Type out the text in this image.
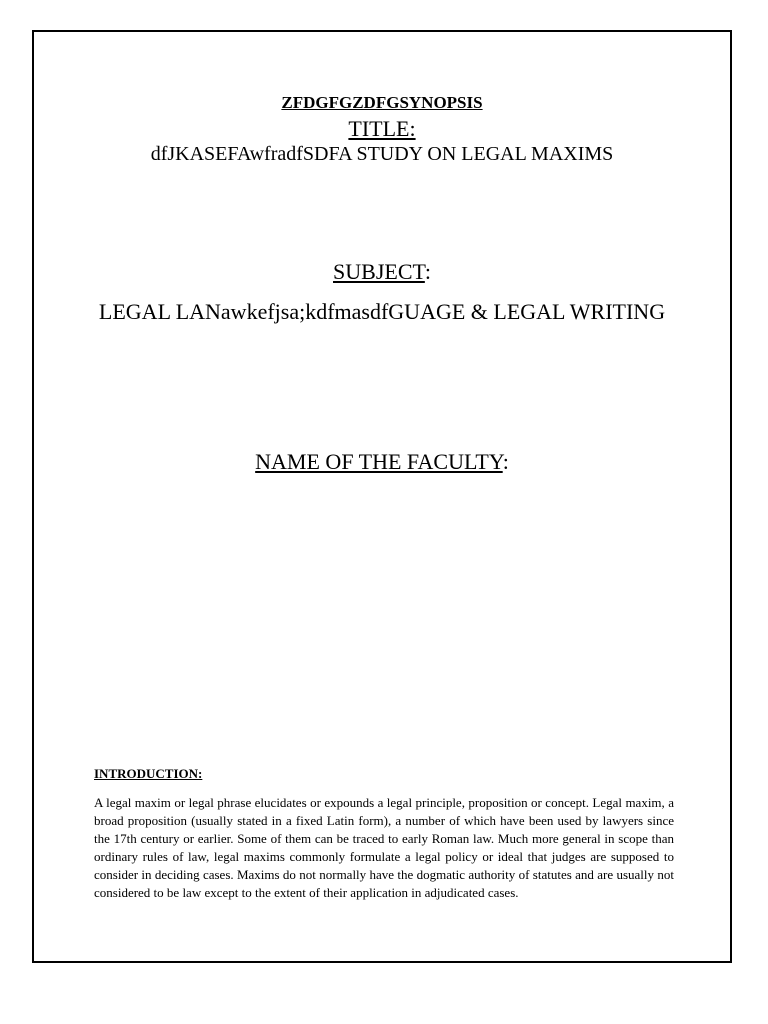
ZFDGFGZDFGSYNOPSIS
TITLE:
dfJKASEFAwfradfSDFA STUDY ON LEGAL MAXIMS
SUBJECT:
LEGAL LANawkefjsa;kdfmasdfGUAGE & LEGAL WRITING
NAME OF THE FACULTY:
INTRODUCTION:
A legal maxim or legal phrase elucidates or expounds a legal principle, proposition or concept. Legal maxim, a broad proposition (usually stated in a fixed Latin form), a number of which have been used by lawyers since the 17th century or earlier. Some of them can be traced to early Roman law. Much more general in scope than ordinary rules of law, legal maxims commonly formulate a legal policy or ideal that judges are supposed to consider in deciding cases. Maxims do not normally have the dogmatic authority of statutes and are usually not considered to be law except to the extent of their application in adjudicated cases.
